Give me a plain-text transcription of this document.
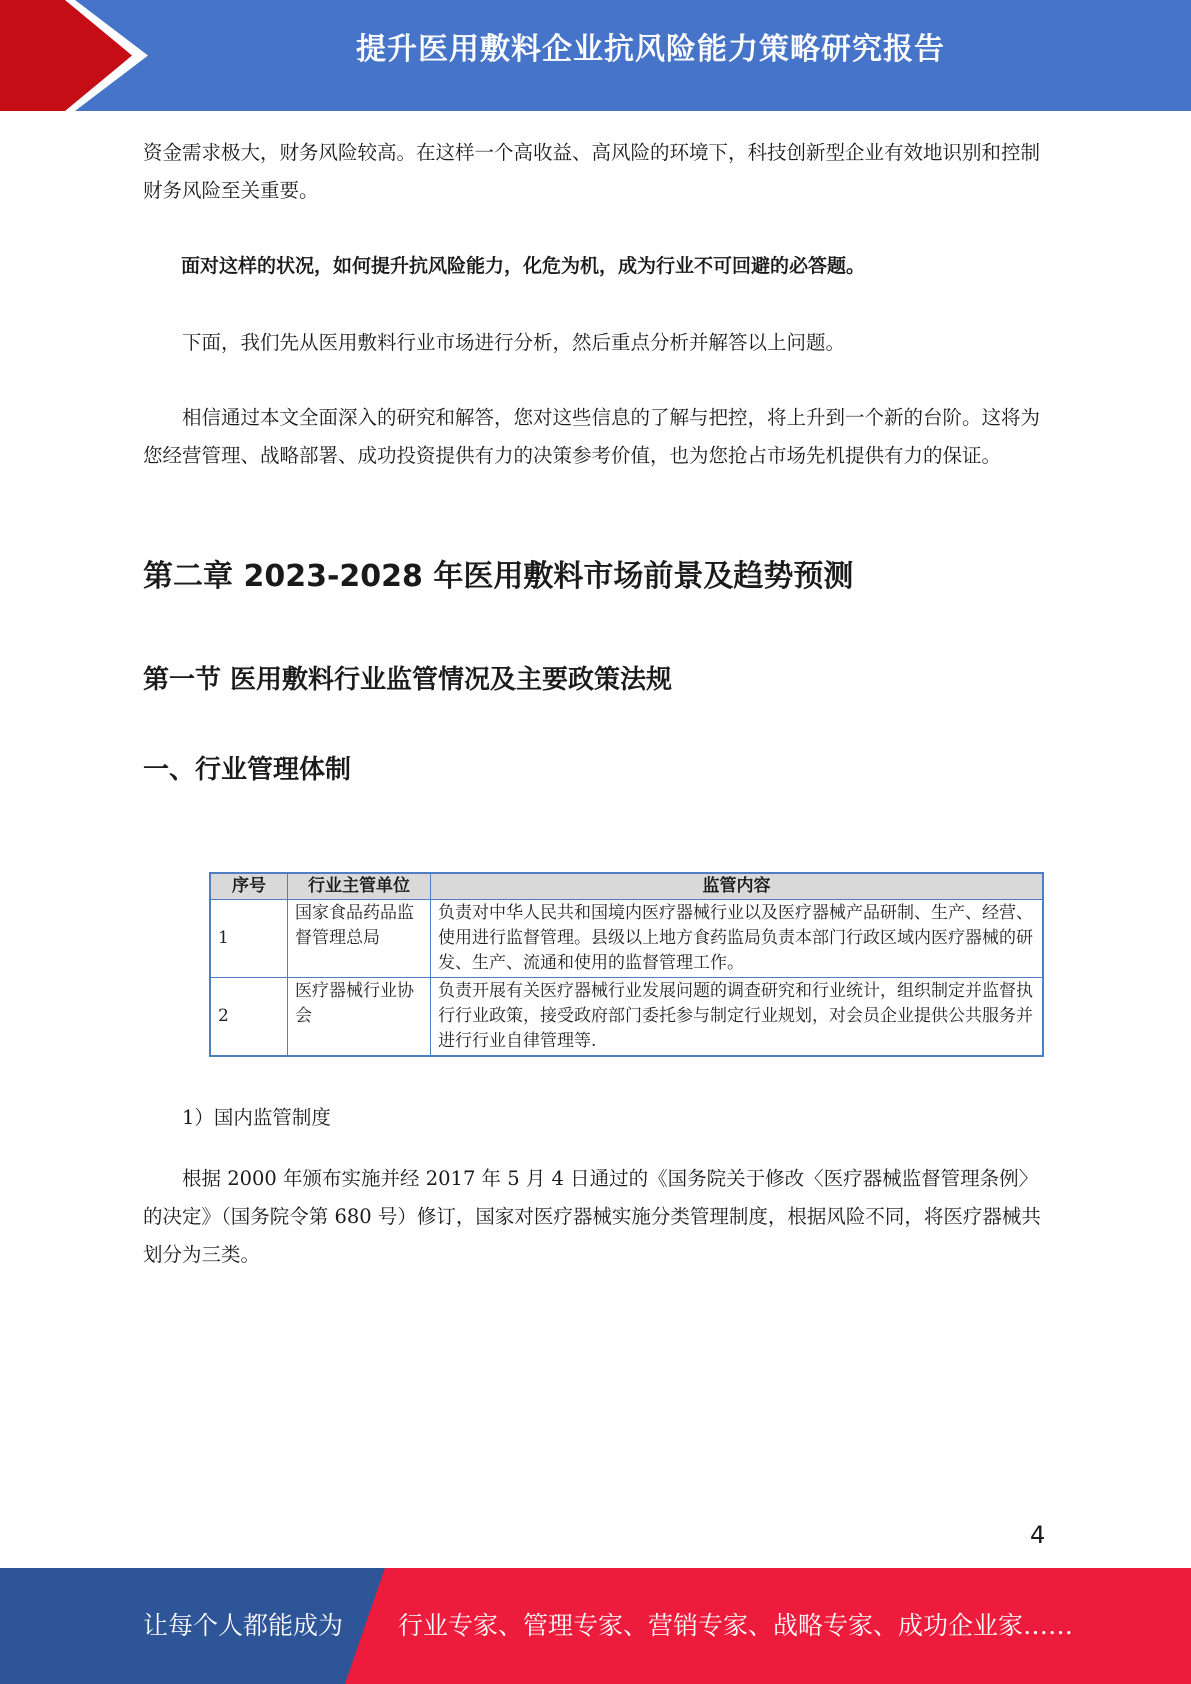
提升医用敷料企业抗风险能力策略研究报告

资金需求极大，财务风险较高。在这样一个高收益、高风险的环境下，科技创新型企业有效地识别和控制财务风险至关重要。

面对这样的状况，如何提升抗风险能力，化危为机，成为行业不可回避的必答题。

下面，我们先从医用敷料行业市场进行分析，然后重点分析并解答以上问题。

相信通过本文全面深入的研究和解答，您对这些信息的了解与把控，将上升到一个新的台阶。这将为您经营管理、战略部署、成功投资提供有力的决策参考价值，也为您抢占市场先机提供有力的保证。

第二章 2023-2028 年医用敷料市场前景及趋势预测
第一节 医用敷料行业监管情况及主要政策法规
一、行业管理体制
序号	行业主管单位	监管内容
1	国家食品药品监督管理总局	负责对中华人民共和国境内医疗器械行业以及医疗器械产品研制、生产、经营、使用进行监督管理。县级以上地方食药监局负责本部门行政区域内医疗器械的研发、生产、流通和使用的监督管理工作。
2	医疗器械行业协会	负责开展有关医疗器械行业发展问题的调查研究和行业统计，组织制定并监督执行行业政策，接受政府部门委托参与制定行业规划，对会员企业提供公共服务并进行行业自律管理等.

1）国内监管制度

根据 2000 年颁布实施并经 2017 年 5 月 4 日通过的《国务院关于修改〈医疗器械监督管理条例〉的决定》（国务院令第 680 号）修订，国家对医疗器械实施分类管理制度，根据风险不同，将医疗器械共划分为三类。

4
让每个人都能成为 行业专家、管理专家、营销专家、战略专家、成功企业家……
